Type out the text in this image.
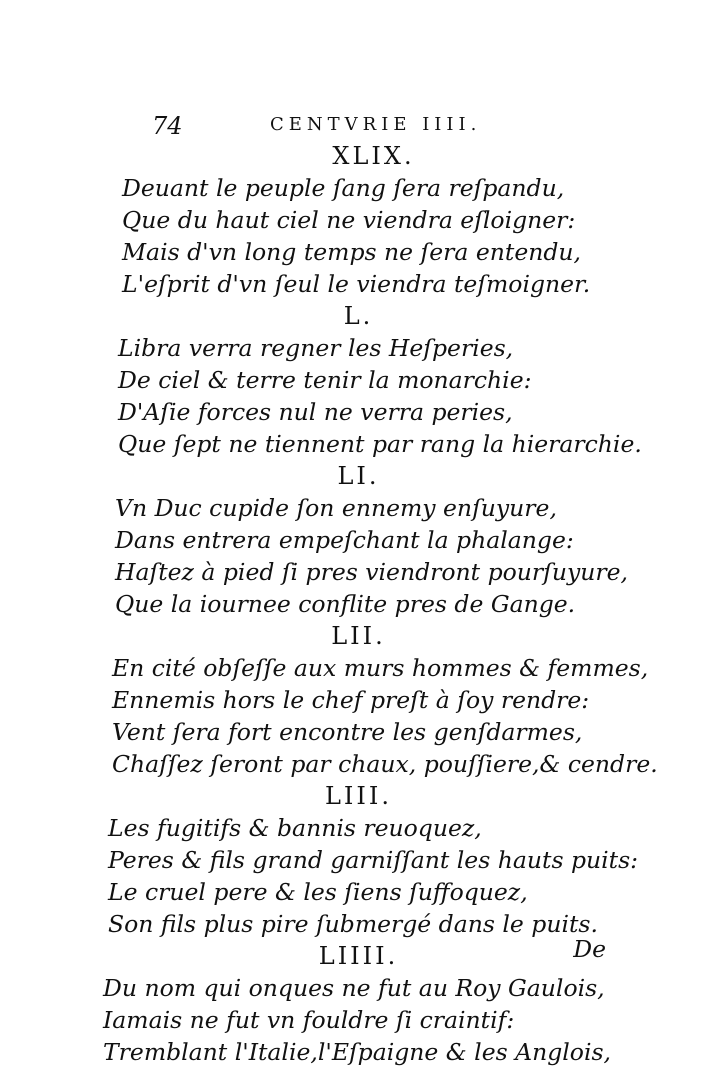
74	CENTVRIE IIII.
XLIX.
Deuant le peuple ſang ſera reſpandu,
Que du haut ciel ne viendra eſloigner:
Mais d'vn long temps ne ſera entendu,
L'eſprit d'vn ſeul le viendra teſmoigner.
L.
Libra verra regner les Heſperies,
De ciel & terre tenir la monarchie:
D'Aſie forces nul ne verra peries,
Que ſept ne tiennent par rang la hierarchie.
LI.
Vn Duc cupide ſon ennemy enſuyure,
Dans entrera empeſchant la phalange:
Haſtez à pied ſi pres viendront pourſuyure,
Que la iournee conflite pres de Gange.
LII.
En cité obſeſſe aux murs hommes & femmes,
Ennemis hors le chef preſt à ſoy rendre:
Vent ſera fort encontre les genſdarmes,
Chaſſez ſeront par chaux, pouſſiere,& cendre.
LIII.
Les fugitifs & bannis reuoquez,
Peres & fils grand garniſſant les hauts puits:
Le cruel pere & les ſiens ſuffoquez,
Son fils plus pire ſubmergé dans le puits.
LIIII.
Du nom qui onques ne fut au Roy Gaulois,
Iamais ne fut vn fouldre ſi craintif:
Tremblant l'Italie,l'Eſpaigne & les Anglois,
De
